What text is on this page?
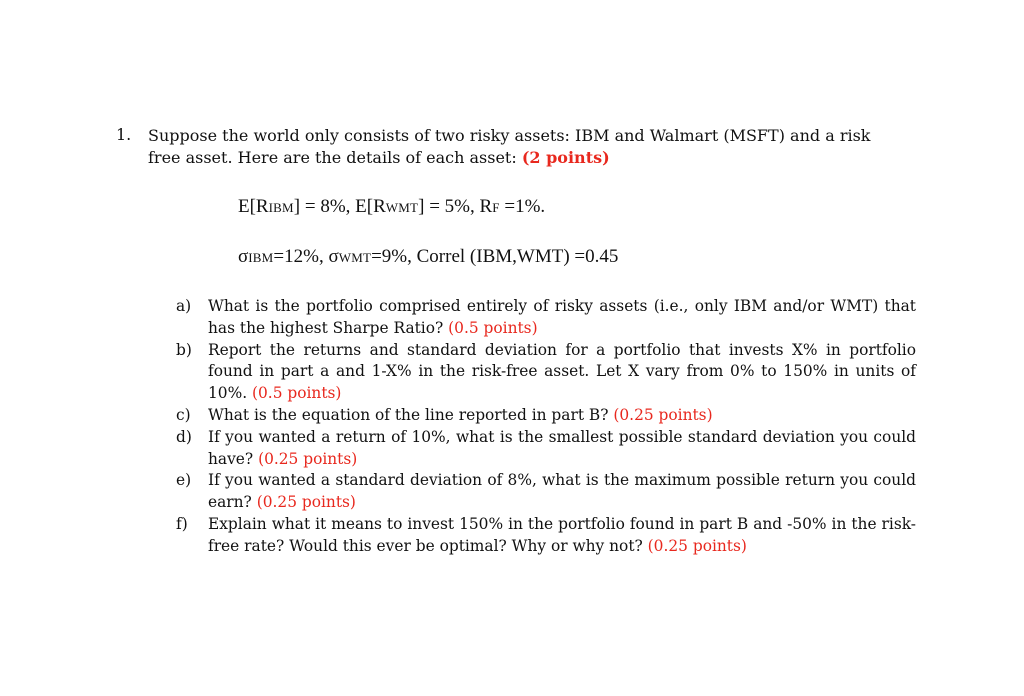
1. Suppose the world only consists of two risky assets: IBM and Walmart (MSFT) and a risk free asset. Here are the details of each asset: (2 points)
E[RIBM] = 8%, E[RWMT] = 5%, RF =1%.
σIBM=12%, σWMT=9%, Correl (IBM,WMT) =0.45
a) What is the portfolio comprised entirely of risky assets (i.e., only IBM and/or WMT) that has the highest Sharpe Ratio? (0.5 points)
b) Report the returns and standard deviation for a portfolio that invests X% in portfolio found in part a and 1-X% in the risk-free asset. Let X vary from 0% to 150% in units of 10%. (0.5 points)
c) What is the equation of the line reported in part B? (0.25 points)
d) If you wanted a return of 10%, what is the smallest possible standard deviation you could have? (0.25 points)
e) If you wanted a standard deviation of 8%, what is the maximum possible return you could earn? (0.25 points)
f) Explain what it means to invest 150% in the portfolio found in part B and -50% in the risk-free rate? Would this ever be optimal? Why or why not? (0.25 points)
